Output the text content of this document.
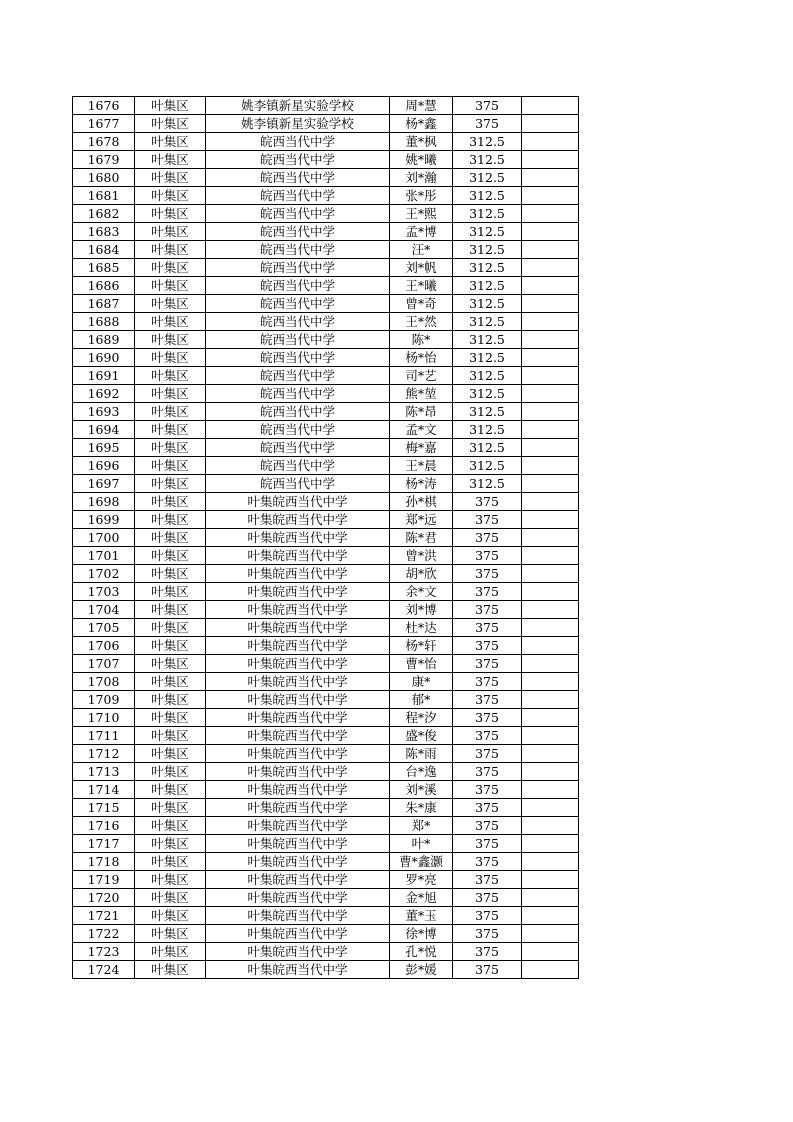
1676	叶集区	姚李镇新星实验学校	周*慧	375	
1677	叶集区	姚李镇新星实验学校	杨*鑫	375	
1678	叶集区	皖西当代中学	董*枫	312.5	
1679	叶集区	皖西当代中学	姚*曦	312.5	
1680	叶集区	皖西当代中学	刘*瀚	312.5	
1681	叶集区	皖西当代中学	张*彤	312.5	
1682	叶集区	皖西当代中学	王*熙	312.5	
1683	叶集区	皖西当代中学	孟*博	312.5	
1684	叶集区	皖西当代中学	汪*	312.5	
1685	叶集区	皖西当代中学	刘*帆	312.5	
1686	叶集区	皖西当代中学	王*曦	312.5	
1687	叶集区	皖西当代中学	曾*奇	312.5	
1688	叶集区	皖西当代中学	王*然	312.5	
1689	叶集区	皖西当代中学	陈*	312.5	
1690	叶集区	皖西当代中学	杨*怡	312.5	
1691	叶集区	皖西当代中学	司*艺	312.5	
1692	叶集区	皖西当代中学	熊*堃	312.5	
1693	叶集区	皖西当代中学	陈*昂	312.5	
1694	叶集区	皖西当代中学	孟*文	312.5	
1695	叶集区	皖西当代中学	梅*嘉	312.5	
1696	叶集区	皖西当代中学	王*晨	312.5	
1697	叶集区	皖西当代中学	杨*涛	312.5	
1698	叶集区	叶集皖西当代中学	孙*棋	375	
1699	叶集区	叶集皖西当代中学	郑*远	375	
1700	叶集区	叶集皖西当代中学	陈*君	375	
1701	叶集区	叶集皖西当代中学	曾*洪	375	
1702	叶集区	叶集皖西当代中学	胡*欣	375	
1703	叶集区	叶集皖西当代中学	余*文	375	
1704	叶集区	叶集皖西当代中学	刘*博	375	
1705	叶集区	叶集皖西当代中学	杜*达	375	
1706	叶集区	叶集皖西当代中学	杨*轩	375	
1707	叶集区	叶集皖西当代中学	曹*怡	375	
1708	叶集区	叶集皖西当代中学	康*	375	
1709	叶集区	叶集皖西当代中学	郁*	375	
1710	叶集区	叶集皖西当代中学	程*汐	375	
1711	叶集区	叶集皖西当代中学	盛*俊	375	
1712	叶集区	叶集皖西当代中学	陈*雨	375	
1713	叶集区	叶集皖西当代中学	台*逸	375	
1714	叶集区	叶集皖西当代中学	刘*溪	375	
1715	叶集区	叶集皖西当代中学	朱*康	375	
1716	叶集区	叶集皖西当代中学	郑*	375	
1717	叶集区	叶集皖西当代中学	叶*	375	
1718	叶集区	叶集皖西当代中学	曹*鑫灏	375	
1719	叶集区	叶集皖西当代中学	罗*亮	375	
1720	叶集区	叶集皖西当代中学	金*旭	375	
1721	叶集区	叶集皖西当代中学	董*玉	375	
1722	叶集区	叶集皖西当代中学	徐*博	375	
1723	叶集区	叶集皖西当代中学	孔*悦	375	
1724	叶集区	叶集皖西当代中学	彭*媛	375	
